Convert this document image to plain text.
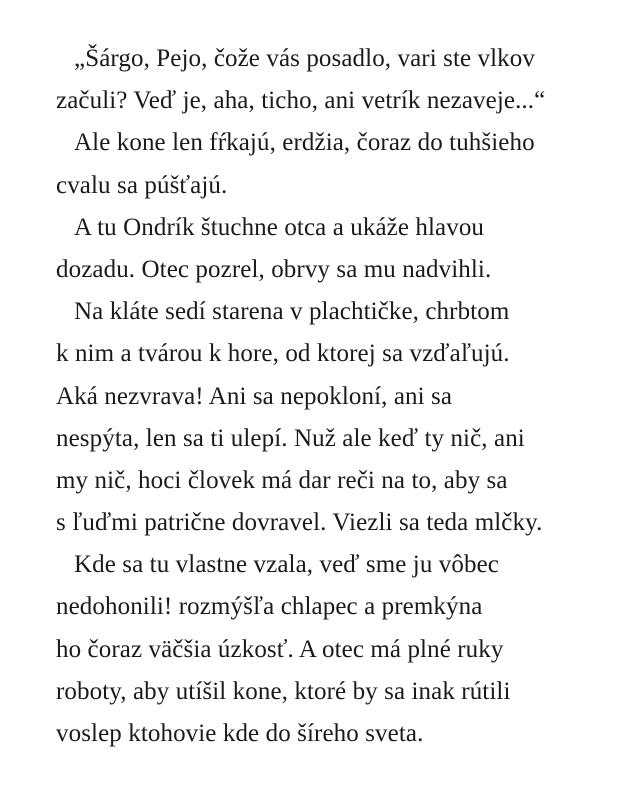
„Šárgo, Pejo, čože vás posadlo, vari ste vlkov
začuli? Veď je, aha, ticho, ani vetrík nezaveje...“
Ale kone len fŕkajú, erdžia, čoraz do tuhšieho
cvalu sa púšťajú.
A tu Ondrík štuchne otca a ukáže hlavou
dozadu. Otec pozrel, obrvy sa mu nadvihli.
Na kláte sedí starena v plachtičke, chrbtom
k nim a tvárou k hore, od ktorej sa vzďaľujú.
Aká nezvrava! Ani sa nepokloní, ani sa
nespýta, len sa ti ulepí. Nuž ale keď ty nič, ani
my nič, hoci človek má dar reči na to, aby sa
s ľuďmi patrične dovravel. Viezli sa teda mlčky.
Kde sa tu vlastne vzala, veď sme ju vôbec
nedohonili! rozmýšľa chlapec a premkýna
ho čoraz väčšia úzkosť. A otec má plné ruky
roboty, aby utíšil kone, ktoré by sa inak rútili
voslep ktohovie kde do šíreho sveta.
